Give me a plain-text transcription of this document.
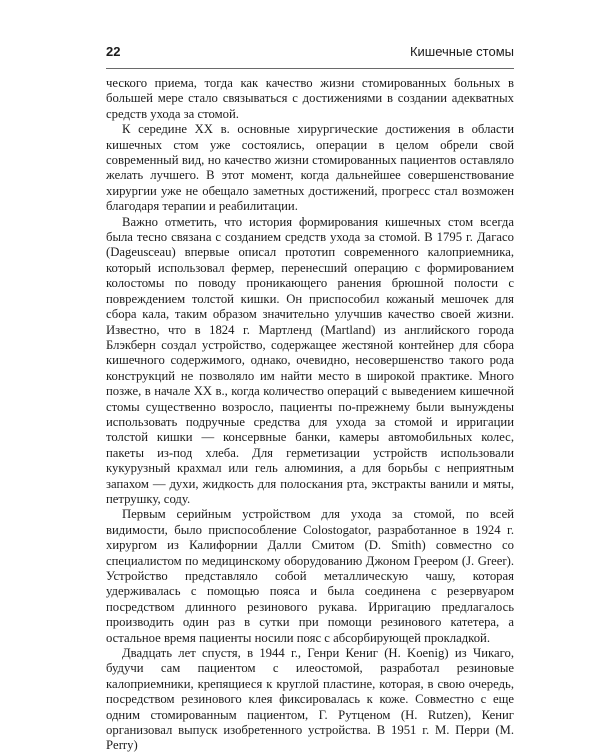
22	Кишечные стомы

ческого приема, тогда как качество жизни стомированных больных в большей мере стало связываться с достижениями в создании адекватных средств ухода за стомой.

К середине XX в. основные хирургические достижения в области кишечных стом уже состоялись, операции в целом обрели свой современный вид, но качество жизни стомированных пациентов оставляло желать лучшего. В этот момент, когда дальнейшее совершенствование хирургии уже не обещало заметных достижений, прогресс стал возможен благодаря терапии и реабилитации.

Важно отметить, что история формирования кишечных стом всегда была тесно связана с созданием средств ухода за стомой. В 1795 г. Дагасо (Dageusceau) впервые описал прототип современного калоприемника, который использовал фермер, перенесший операцию с формированием колостомы по поводу проникающего ранения брюшной полости с повреждением толстой кишки. Он приспособил кожаный мешочек для сбора кала, таким образом значительно улучшив качество своей жизни. Известно, что в 1824 г. Мартленд (Martland) из английского города Блэкберн создал устройство, содержащее жестяной контейнер для сбора кишечного содержимого, однако, очевидно, несовершенство такого рода конструкций не позволяло им найти место в широкой практике. Много позже, в начале XX в., когда количество операций с выведением кишечной стомы существенно возросло, пациенты по-прежнему были вынуждены использовать подручные средства для ухода за стомой и ирригации толстой кишки — консервные банки, камеры автомобильных колес, пакеты из-под хлеба. Для герметизации устройств использовали кукурузный крахмал или гель алюминия, а для борьбы с неприятным запахом — духи, жидкость для полоскания рта, экстракты ванили и мяты, петрушку, соду.

Первым серийным устройством для ухода за стомой, по всей видимости, было приспособление Colostogator, разработанное в 1924 г. хирургом из Калифорнии Далли Смитом (D. Smith) совместно со специалистом по медицинскому оборудованию Джоном Греером (J. Greer). Устройство представляло собой металлическую чашу, которая удерживалась с помощью пояса и была соединена с резервуаром посредством длинного резинового рукава. Ирригацию предлагалось производить один раз в сутки при помощи резинового катетера, а остальное время пациенты носили пояс с абсорбирующей прокладкой.

Двадцать лет спустя, в 1944 г., Генри Кениг (H. Koenig) из Чикаго, будучи сам пациентом с илеостомой, разработал резиновые калоприемники, крепящиеся к круглой пластине, которая, в свою очередь, посредством резинового клея фиксировалась к коже. Совместно с еще одним стомированным пациентом, Г. Рутценом (H. Rutzen), Кениг организовал выпуск изобретенного устройства. В 1951 г. М. Перри (M. Perry)
